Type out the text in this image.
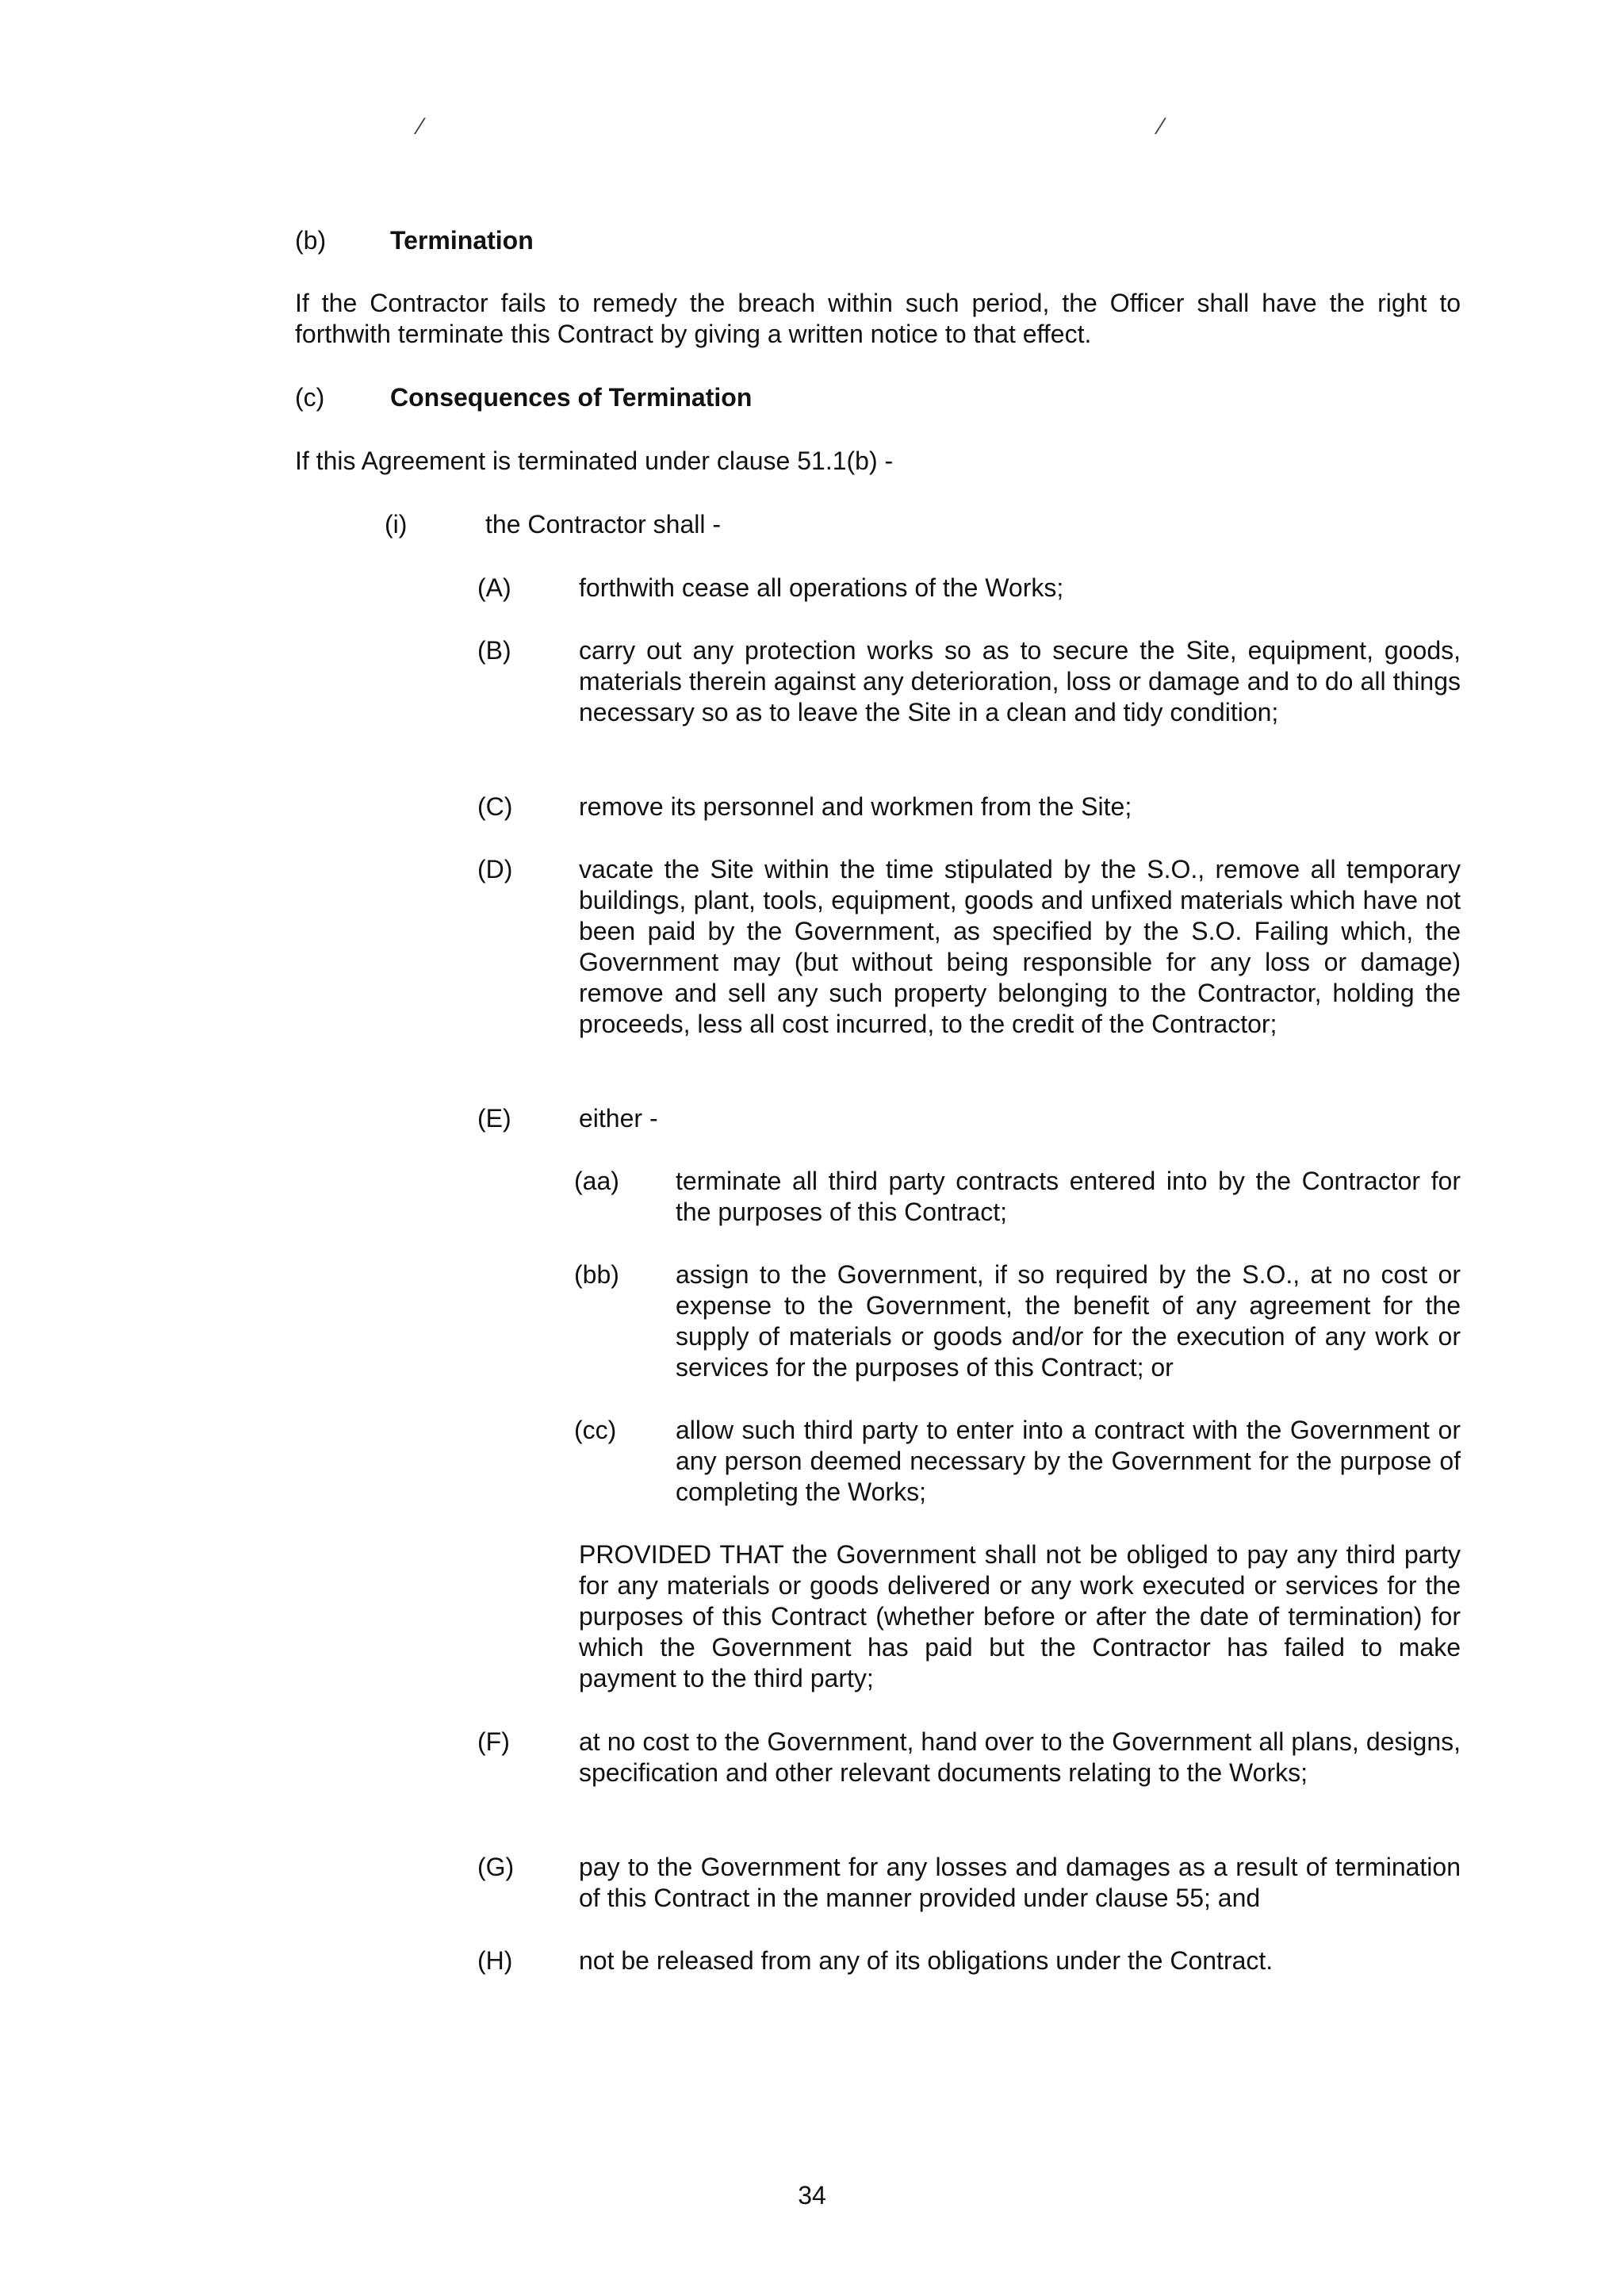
⁄	⁄
(b)	Termination
If the Contractor fails to remedy the breach within such period, the Officer shall have the right to forthwith terminate this Contract by giving a written notice to that effect.
(c)	Consequences of Termination
If this Agreement is terminated under clause 51.1(b) -
(i)	the Contractor shall -
(A)	forthwith cease all operations of the Works;
(B)	carry out any protection works so as to secure the Site, equipment, goods, materials therein against any deterioration, loss or damage and to do all things necessary so as to leave the Site in a clean and tidy condition;
(C)	remove its personnel and workmen from the Site;
(D)	vacate the Site within the time stipulated by the S.O., remove all temporary buildings, plant, tools, equipment, goods and unfixed materials which have not been paid by the Government, as specified by the S.O. Failing which, the Government may (but without being responsible for any loss or damage) remove and sell any such property belonging to the Contractor, holding the proceeds, less all cost incurred, to the credit of the Contractor;
(E)	either -
(aa) terminate all third party contracts entered into by the Contractor for the purposes of this Contract;
(bb) assign to the Government, if so required by the S.O., at no cost or expense to the Government, the benefit of any agreement for the supply of materials or goods and/or for the execution of any work or services for the purposes of this Contract; or
(cc) allow such third party to enter into a contract with the Government or any person deemed necessary by the Government for the purpose of completing the Works;
PROVIDED THAT the Government shall not be obliged to pay any third party for any materials or goods delivered or any work executed or services for the purposes of this Contract (whether before or after the date of termination) for which the Government has paid but the Contractor has failed to make payment to the third party;
(F)	at no cost to the Government, hand over to the Government all plans, designs, specification and other relevant documents relating to the Works;
(G)	pay to the Government for any losses and damages as a result of termination of this Contract in the manner provided under clause 55; and
(H)	not be released from any of its obligations under the Contract.
34
